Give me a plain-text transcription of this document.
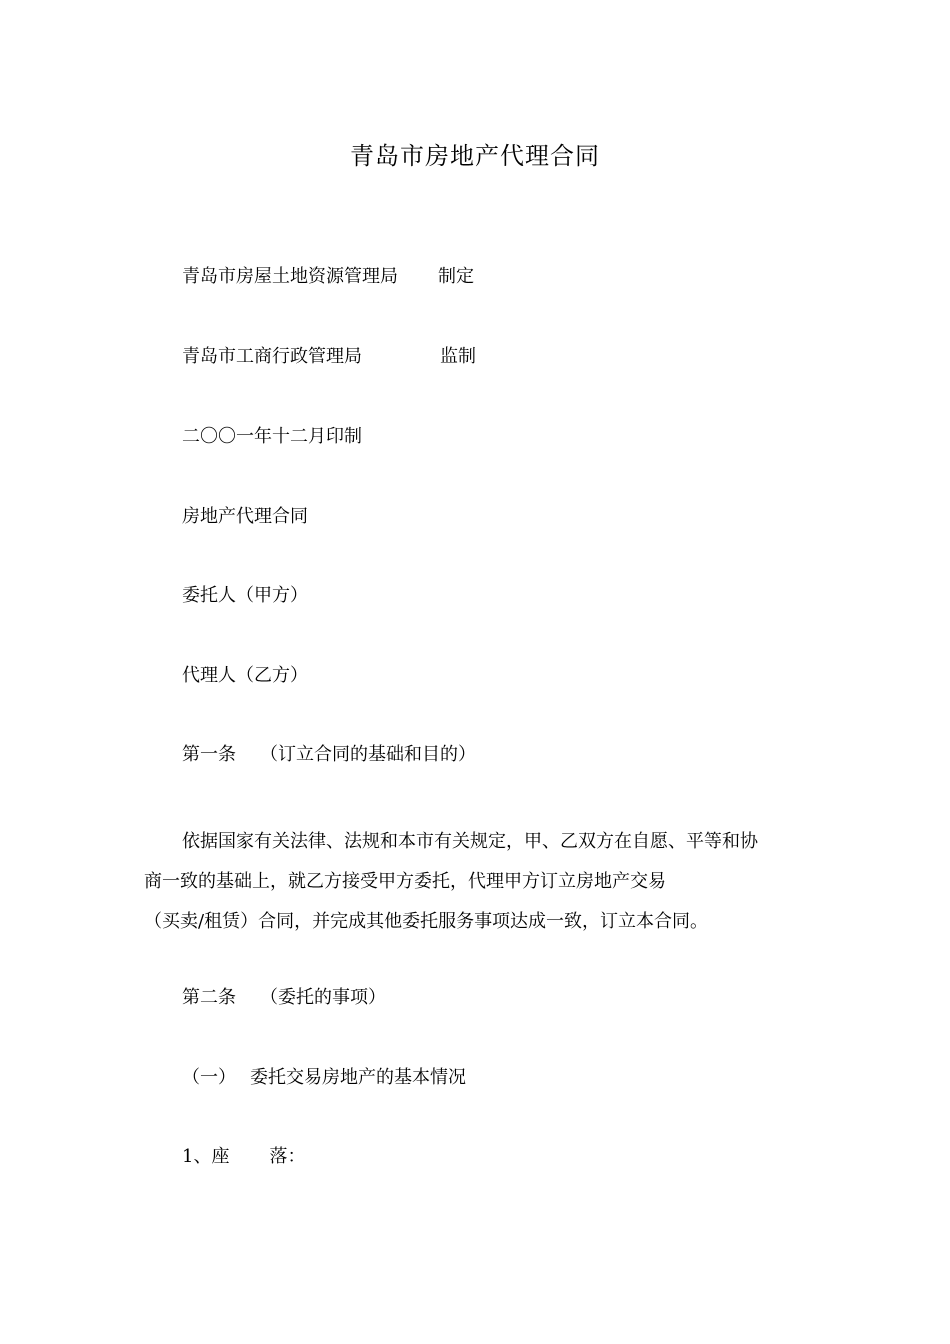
青岛市房地产代理合同
青岛市房屋土地资源管理局 制定
青岛市工商行政管理局	监制
二〇〇一年十二月印制
房地产代理合同
委托人（甲方）
代理人（乙方）
第一条 （订立合同的基础和目的）
依据国家有关法律、法规和本市有关规定，甲、乙双方在自愿、平等和协
商一致的基础上，就乙方接受甲方委托，代理甲方订立房地产交易
（买卖/租赁）合同，并完成其他委托服务事项达成一致，订立本合同。
第二条 （委托的事项）
（一） 委托交易房地产的基本情况
1、座 落：
